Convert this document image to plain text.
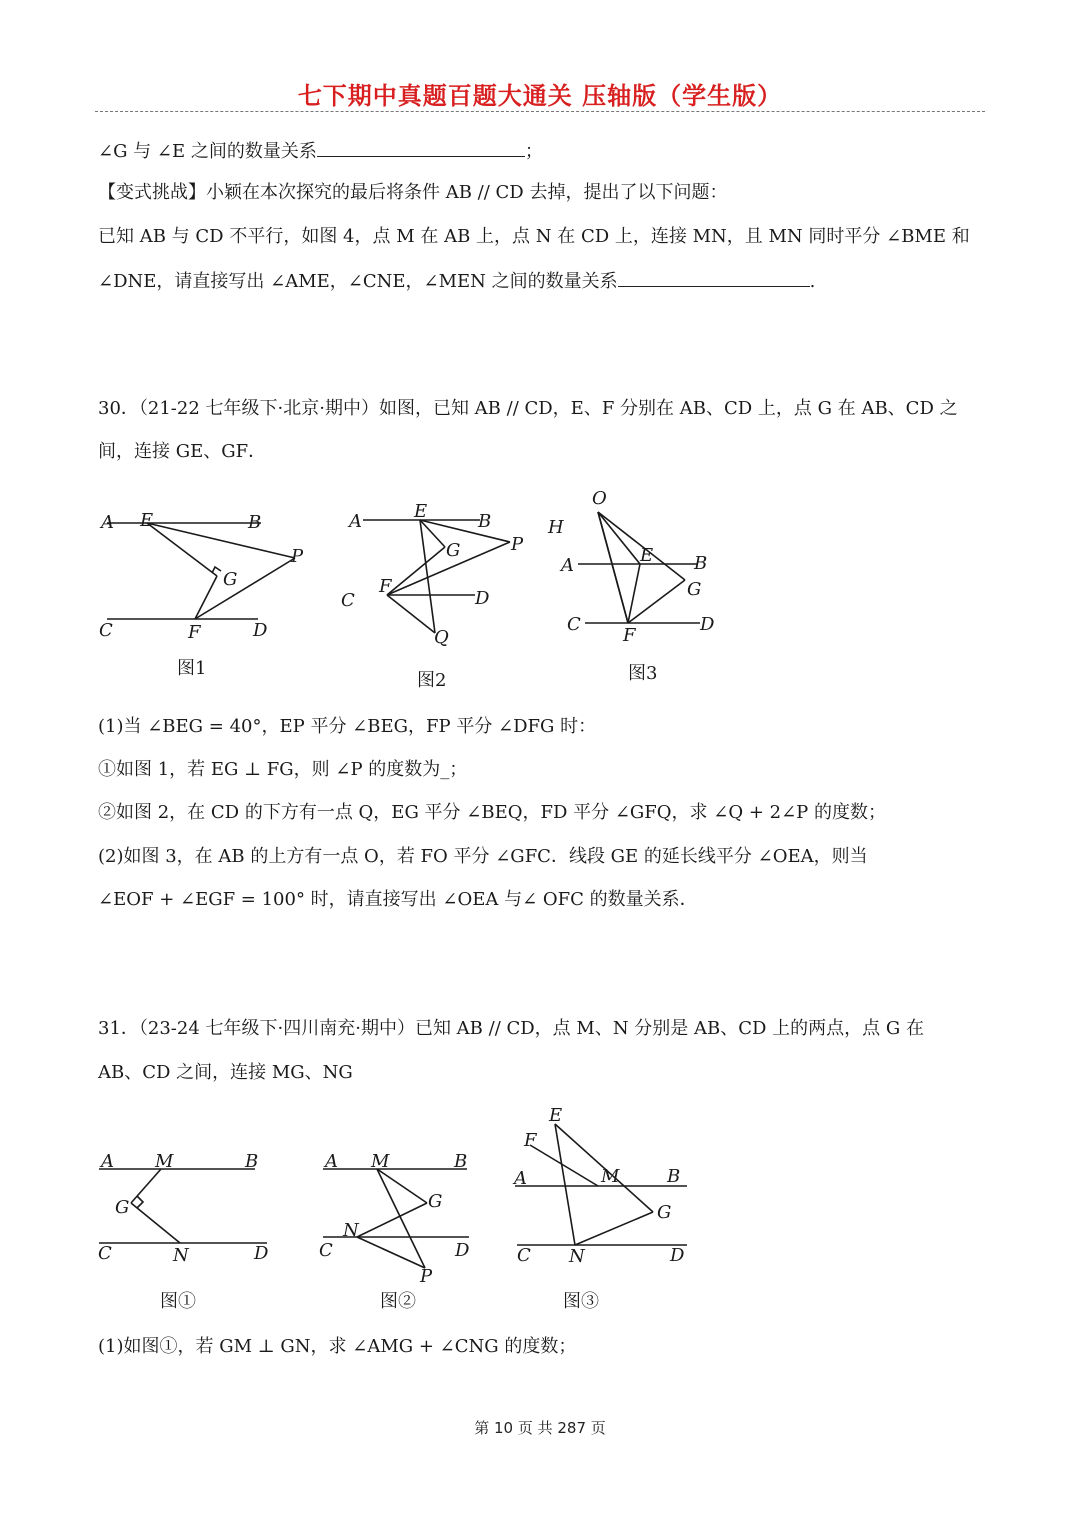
七下期中真题百题大通关 压轴版（学生版）
∠G 与 ∠E 之间的数量关系	；
【变式挑战】小颖在本次探究的最后将条件 AB // CD 去掉，提出了以下问题：
已知 AB 与 CD 不平行，如图 4，点 M 在 AB 上，点 N 在 CD 上，连接 MN，且 MN 同时平分 ∠BME 和
∠DNE，请直接写出 ∠AME，∠CNE，∠MEN 之间的数量关系	.
30．（21-22 七年级下·北京·期中）如图，已知 AB // CD，E、F 分别在 AB、CD 上，点 G 在 AB、CD 之
间，连接 GE、GF．
A E	B
P
G
C	F	D
图1
A	E	B
G	P
F
C	D
Q
图2
O
H
E B
A
G
C
F
D
图3
(1)当 ∠BEG = 40°，EP 平分 ∠BEG，FP 平分 ∠DFG 时：
①如图 1，若 EG ⊥ FG，则 ∠P 的度数为_；
②如图 2，在 CD 的下方有一点 Q，EG 平分 ∠BEQ，FD 平分 ∠GFQ，求 ∠Q + 2∠P 的度数；
(2)如图 3，在 AB 的上方有一点 O，若 FO 平分 ∠GFC．线段 GE 的延长线平分 ∠OEA，则当
∠EOF + ∠EGF = 100° 时，请直接写出 ∠OEA 与∠ OFC 的数量关系．
31．（23-24 七年级下·四川南充·期中）已知 AB // CD，点 M、N 分别是 AB、CD 上的两点，点 G 在
AB、CD 之间，连接 MG、NG
A M	B
G
C	N	D
图①
A M	B
G
N
C	D
P
图②
E
F
A	M	B
G
C N	D
图③
(1)如图①，若 GM ⊥ GN，求 ∠AMG + ∠CNG 的度数；
第 10 页 共 287 页
